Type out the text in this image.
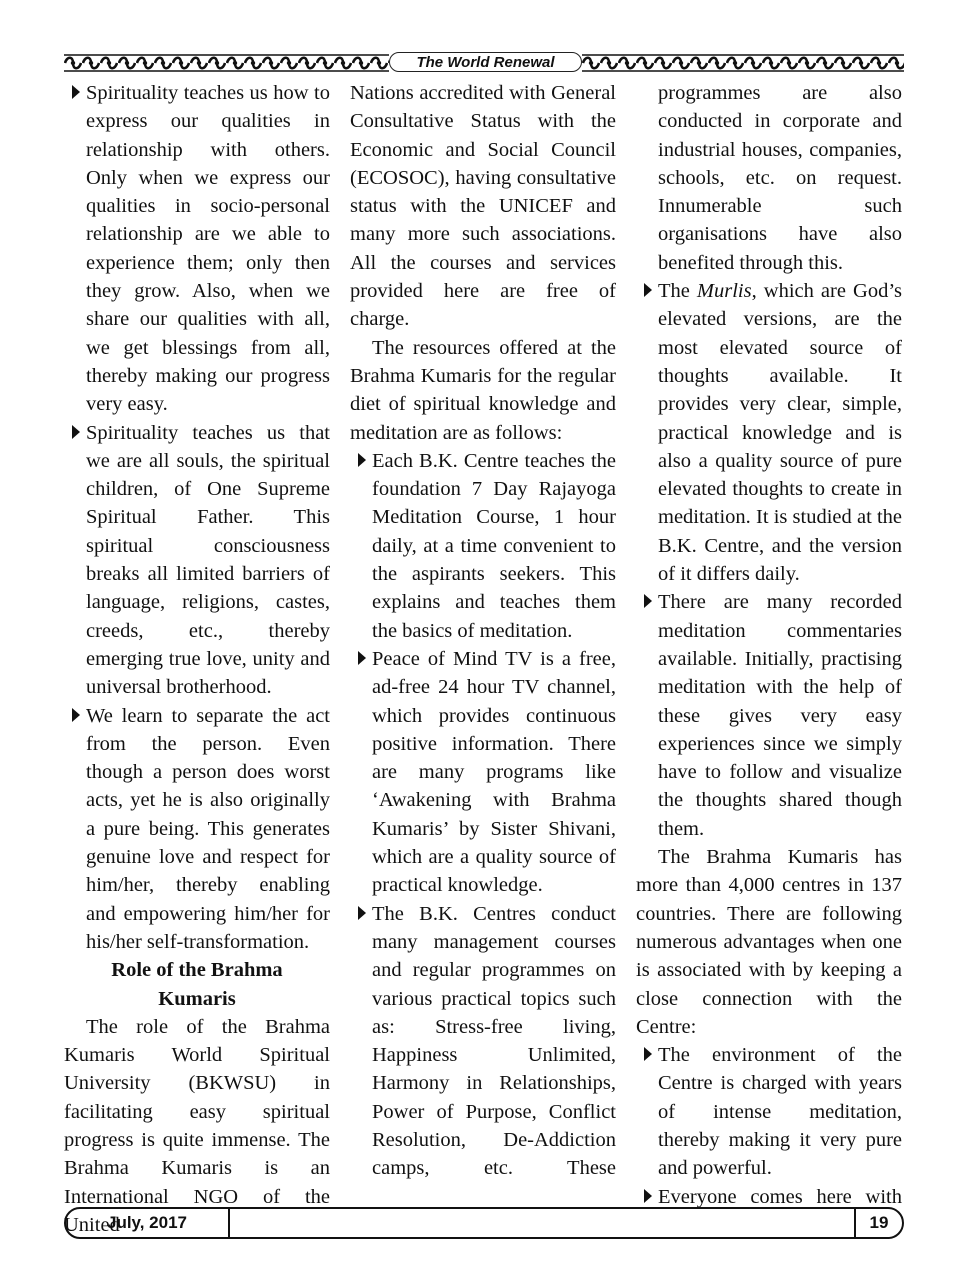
The World Renewal

Spirituality teaches us how to express our qualities in relationship with others. Only when we express our qualities in socio-personal relationship are we able to experience them; only then they grow. Also, when we share our qualities with all, we get blessings from all, thereby making our progress very easy.

Spirituality teaches us that we are all souls, the spiritual children, of One Supreme Spiritual Father. This spiritual consciousness breaks all limited barriers of language, religions, castes, creeds, etc., thereby emerging true love, unity and universal brotherhood.

We learn to separate the act from the person. Even though a person does worst acts, yet he is also originally a pure being. This generates genuine love and respect for him/her, thereby enabling and empowering him/her for his/her self-transformation.

Role of the Brahma Kumaris

The role of the Brahma Kumaris World Spiritual University (BKWSU) in facilitating easy spiritual progress is quite immense. The Brahma Kumaris is an International NGO of the United

Nations accredited with General Consultative Status with the Economic and Social Council (ECOSOC), having consultative status with the UNICEF and many more such associations. All the courses and services provided here are free of charge.

The resources offered at the Brahma Kumaris for the regular diet of spiritual knowledge and meditation are as follows:

Each B.K. Centre teaches the foundation 7 Day Rajayoga Meditation Course, 1 hour daily, at a time convenient to the aspirants seekers. This explains and teaches them the basics of meditation.

Peace of Mind TV is a free, ad-free 24 hour TV channel, which provides continuous positive information. There are many programs like ‘Awakening with Brahma Kumaris’ by Sister Shivani, which are a quality source of practical knowledge.

The B.K. Centres conduct many management courses and regular programmes on various practical topics such as: Stress-free living, Happiness Unlimited, Harmony in Relationships, Power of Purpose, Conflict Resolution, De-Addiction camps, etc. These

programmes are also conducted in corporate and industrial houses, companies, schools, etc. on request. Innumerable such organisations have also benefited through this.

The Murlis, which are God’s elevated versions, are the most elevated source of thoughts available. It provides very clear, simple, practical knowledge and is also a quality source of pure elevated thoughts to create in meditation. It is studied at the B.K. Centre, and the version of it differs daily.

There are many recorded meditation commentaries available. Initially, practising meditation with the help of these gives very easy experiences since we simply have to follow and visualize the thoughts shared though them.

The Brahma Kumaris has more than 4,000 centres in 137 countries. There are following numerous advantages when one is associated with by keeping a close connection with the Centre:

The environment of the Centre is charged with years of intense meditation, thereby making it very pure and powerful.

Everyone comes here with

July, 2017	19
